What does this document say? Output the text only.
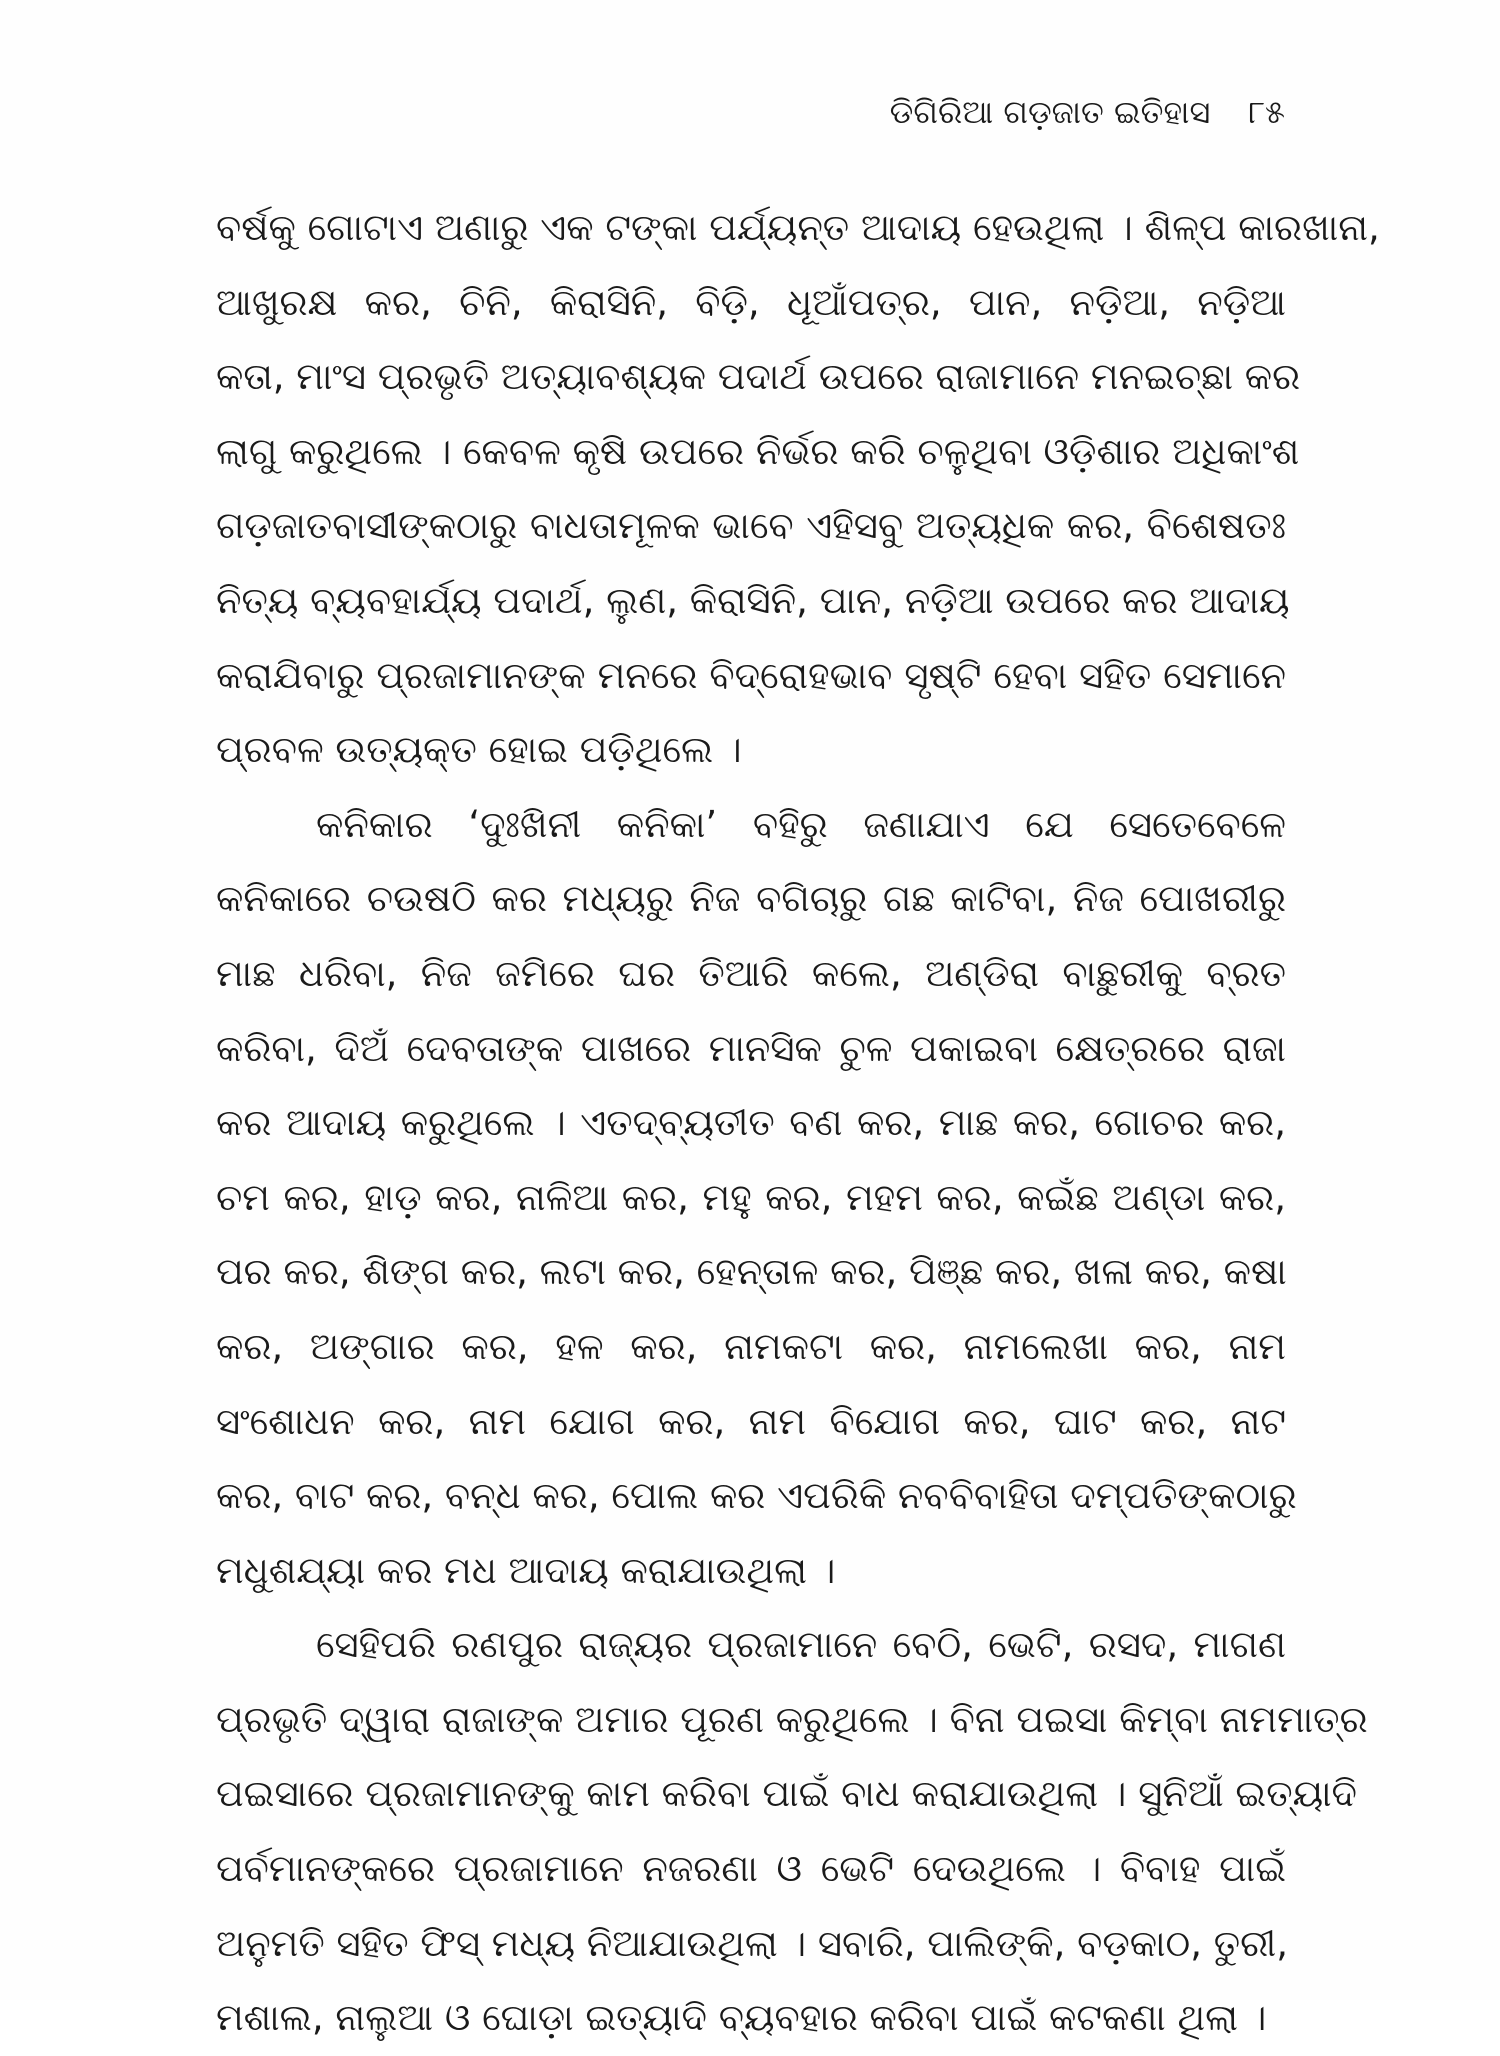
ଡିଗିରିଆ ଗଡ଼ଜାତ ଇତିହାସ ୮୫
ବର୍ଷକୁ ଗୋଟାଏ ଅଣାରୁ ଏକ ଟଙ୍କା ପର୍ଯ୍ୟନ୍ତ ଆଦାୟ ହେଉଥିଲା । ଶିଳ୍ପ କାରଖାନା,
ଆଖୁରକ୍ଷ କର, ଚିନି, କିରାସିନି, ବିଡ଼ି, ଧୂଆଁପତ୍ର, ପାନ, ନଡ଼ିଆ, ନଡ଼ିଆ
କତା, ମାଂସ ପ୍ରଭୃତି ଅତ୍ୟାବଶ୍ୟକ ପଦାର୍ଥ ଉପରେ ରାଜାମାନେ ମନଇଚ୍ଛା କର
ଲାଗୁ କରୁଥିଲେ । କେବଳ କୃଷି ଉପରେ ନିର୍ଭର କରି ଚଳୁଥିବା ଓଡ଼ିଶାର ଅଧିକାଂଶ
ଗଡ଼ଜାତବାସୀଙ୍କଠାରୁ ବାଧତାମୂଳକ ଭାବେ ଏହିସବୁ ଅତ୍ୟଧିକ କର, ବିଶେଷତଃ
ନିତ୍ୟ ବ୍ୟବହାର୍ଯ୍ୟ ପଦାର୍ଥ, ଲୁଣ, କିରାସିନି, ପାନ, ନଡ଼ିଆ ଉପରେ କର ଆଦାୟ
କରାଯିବାରୁ ପ୍ରଜାମାନଙ୍କ ମନରେ ବିଦ୍ରୋହଭାବ ସୃଷ୍ଟି ହେବା ସହିତ ସେମାନେ
ପ୍ରବଳ ଉତ୍ୟକ୍ତ ହୋଇ ପଡ଼ିଥିଲେ ।
କନିକାର ‘ଦୁଃଖିନୀ କନିକା’ ବହିରୁ ଜଣାଯାଏ ଯେ ସେତେବେଳେ
କନିକାରେ ଚଉଷଠି କର ମଧ୍ୟରୁ ନିଜ ବଗିଚାରୁ ଗଛ କାଟିବା, ନିଜ ପୋଖରୀରୁ
ମାଛ ଧରିବା, ନିଜ ଜମିରେ ଘର ତିଆରି କଲେ, ଅଣ୍ଡିରା ବାଛୁରୀକୁ ବ୍ରତ
କରିବା, ଦିଅଁ ଦେବତାଙ୍କ ପାଖରେ ମାନସିକ ଚୁଳ ପକାଇବା କ୍ଷେତ୍ରରେ ରାଜା
କର ଆଦାୟ କରୁଥିଲେ । ଏତଦ୍‌ବ୍ୟତୀତ ବଣ କର, ମାଛ କର, ଗୋଚର କର,
ଚମ କର, ହାଡ଼ କର, ନାଳିଆ କର, ମହୁ କର, ମହମ କର, କଇଁଛ ଅଣ୍ଡା କର,
ପର କର, ଶିଙ୍ଗ କର, ଲଟା କର, ହେନ୍ତାଳ କର, ପିଞ୍ଛ କର, ଖଳା କର, କଷା
କର, ଅଙ୍ଗାର କର, ହଳ କର, ନାମକଟା କର, ନାମଲେଖା କର, ନାମ
ସଂଶୋଧନ କର, ନାମ ଯୋଗ କର, ନାମ ବିଯୋଗ କର, ଘାଟ କର, ନାଟ
କର, ବାଟ କର, ବନ୍ଧ କର, ପୋଲ କର ଏପରିକି ନବବିବାହିତା ଦମ୍ପତିଙ୍କଠାରୁ
ମଧୁଶଯ୍ୟା କର ମଧ ଆଦାୟ କରାଯାଉଥିଲା ।
ସେହିପରି ରଣପୁର ରାଜ୍ୟର ପ୍ରଜାମାନେ ବେଠି, ଭେଟି, ରସଦ, ମାଗଣ
ପ୍ରଭୃତି ଦ୍ୱାରା ରାଜାଙ୍କ ଅମାର ପୂରଣ କରୁଥିଲେ । ବିନା ପଇସା କିମ୍ବା ନାମମାତ୍ର
ପଇସାରେ ପ୍ରଜାମାନଙ୍କୁ କାମ କରିବା ପାଇଁ ବାଧ କରାଯାଉଥିଲା । ସୁନିଆଁ ଇତ୍ୟାଦି
ପର୍ବମାନଙ୍କରେ ପ୍ରଜାମାନେ ନଜରଣା ଓ ଭେଟି ଦେଉଥିଲେ । ବିବାହ ପାଇଁ
ଅନୁମତି ସହିତ ଫିସ୍ ମଧ୍ୟ ନିଆଯାଉଥିଲା । ସବାରି, ପାଲିଙ୍କି, ବଡ଼କାଠ, ତୁରୀ,
ମଶାଲ, ନାଲୁଆ ଓ ଘୋଡ଼ା ଇତ୍ୟାଦି ବ୍ୟବହାର କରିବା ପାଇଁ କଟକଣା ଥିଲା ।
